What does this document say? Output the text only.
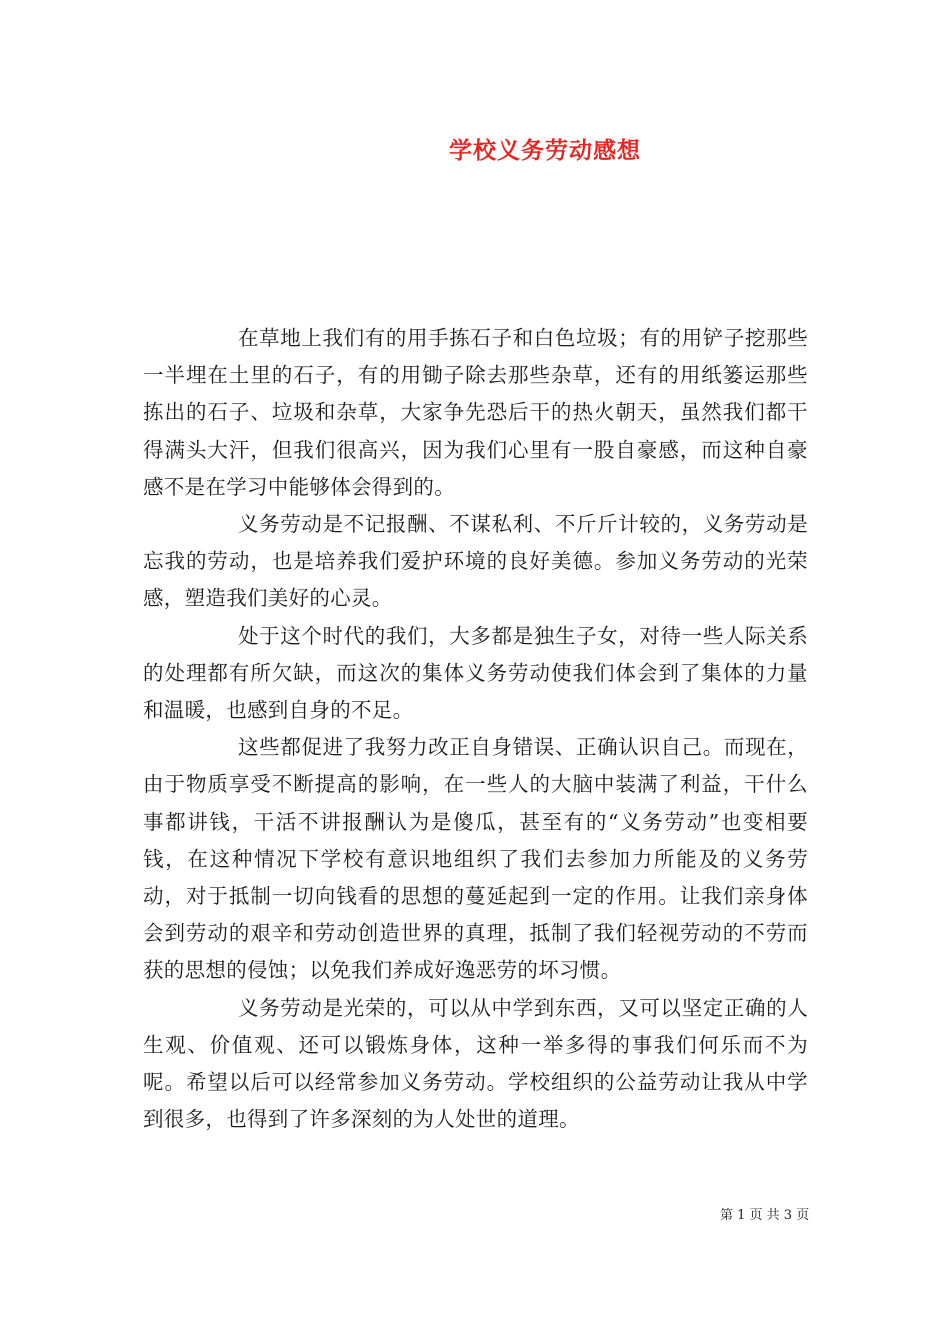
学校义务劳动感想

在草地上我们有的用手拣石子和白色垃圾；有的用铲子挖那些一半埋在土里的石子，有的用锄子除去那些杂草，还有的用纸篓运那些拣出的石子、垃圾和杂草，大家争先恐后干的热火朝天，虽然我们都干得满头大汗，但我们很高兴，因为我们心里有一股自豪感，而这种自豪感不是在学习中能够体会得到的。

义务劳动是不记报酬、不谋私利、不斤斤计较的，义务劳动是忘我的劳动，也是培养我们爱护环境的良好美德。参加义务劳动的光荣感，塑造我们美好的心灵。

处于这个时代的我们，大多都是独生子女，对待一些人际关系的处理都有所欠缺，而这次的集体义务劳动使我们体会到了集体的力量和温暖，也感到自身的不足。

这些都促进了我努力改正自身错误、正确认识自己。而现在，由于物质享受不断提高的影响，在一些人的大脑中装满了利益，干什么事都讲钱，干活不讲报酬认为是傻瓜，甚至有的“义务劳动”也变相要钱，在这种情况下学校有意识地组织了我们去参加力所能及的义务劳动，对于抵制一切向钱看的思想的蔓延起到一定的作用。让我们亲身体会到劳动的艰辛和劳动创造世界的真理，抵制了我们轻视劳动的不劳而获的思想的侵蚀；以免我们养成好逸恶劳的坏习惯。

义务劳动是光荣的，可以从中学到东西，又可以坚定正确的人生观、价值观、还可以锻炼身体，这种一举多得的事我们何乐而不为呢。希望以后可以经常参加义务劳动。学校组织的公益劳动让我从中学到很多，也得到了许多深刻的为人处世的道理。

第 1 页 共 3 页
